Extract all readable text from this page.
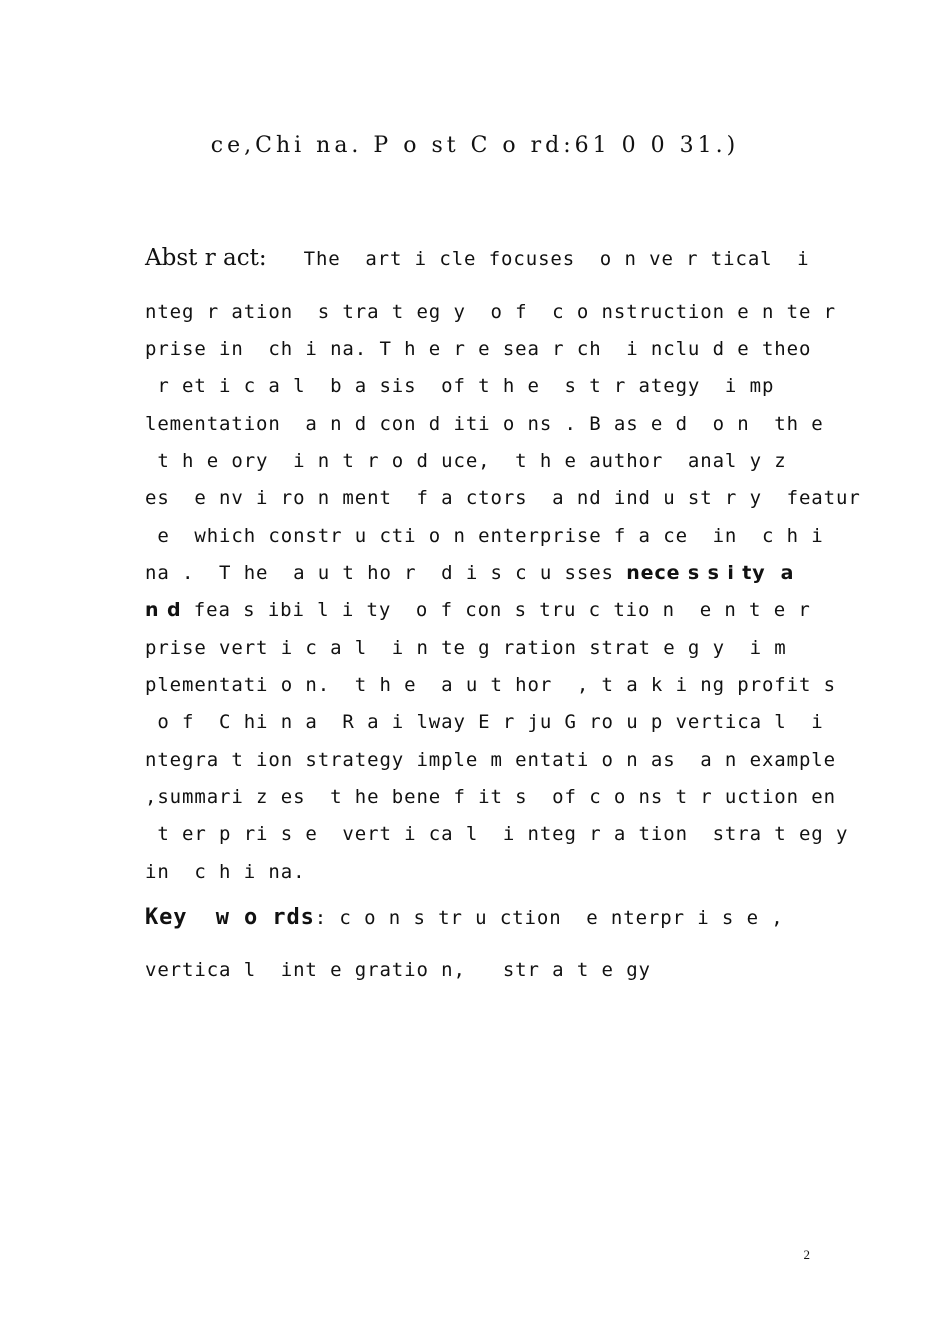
ce,Chi na. P o st C o rd:61 0 0 31.)
Abst r act: The  art i cle focuses  o n ve r tical  i
nteg r ation  s tra t eg y  o f  c o nstruction e n te r
prise in  ch i na. T h e r e sea r ch  i nclu d e theo
r et i c a l  b a sis  of t h e  s t r ategy  i mp
lementation  a n d con d iti o ns . B as e d  o n  th e
t h e ory  i n t r o d uce,  t h e author  anal y z
es  e nv i ro n ment  f a ctors  a nd ind u st r y  featur
e  which constr u cti o n enterprise f a ce  in  c h i
na .  T he  a u t ho r  d i s c u sses nece s s i ty  a
n d fea s ibi l i ty  o f con s tru c tio n  e n t e r
prise vert i c a l  i n te g ration strat e g y  i m
plementati o n.  t h e  a u t hor  , t a k i ng profit s
o f  C hi n a  R a i lway E r ju G ro u p vertica l  i
ntegra t ion strategy imple m entati o n as  a n example
,summari z es  t he bene f it s  of c o ns t r uction en
t er p ri s e  vert i ca l  i nteg r a tion  stra t eg y
in  c h i na.
Key  w o rds: c o n s tr u ction  e nterpr i s e ,
vertica l  int e gratio n,   str a t e gy
2
